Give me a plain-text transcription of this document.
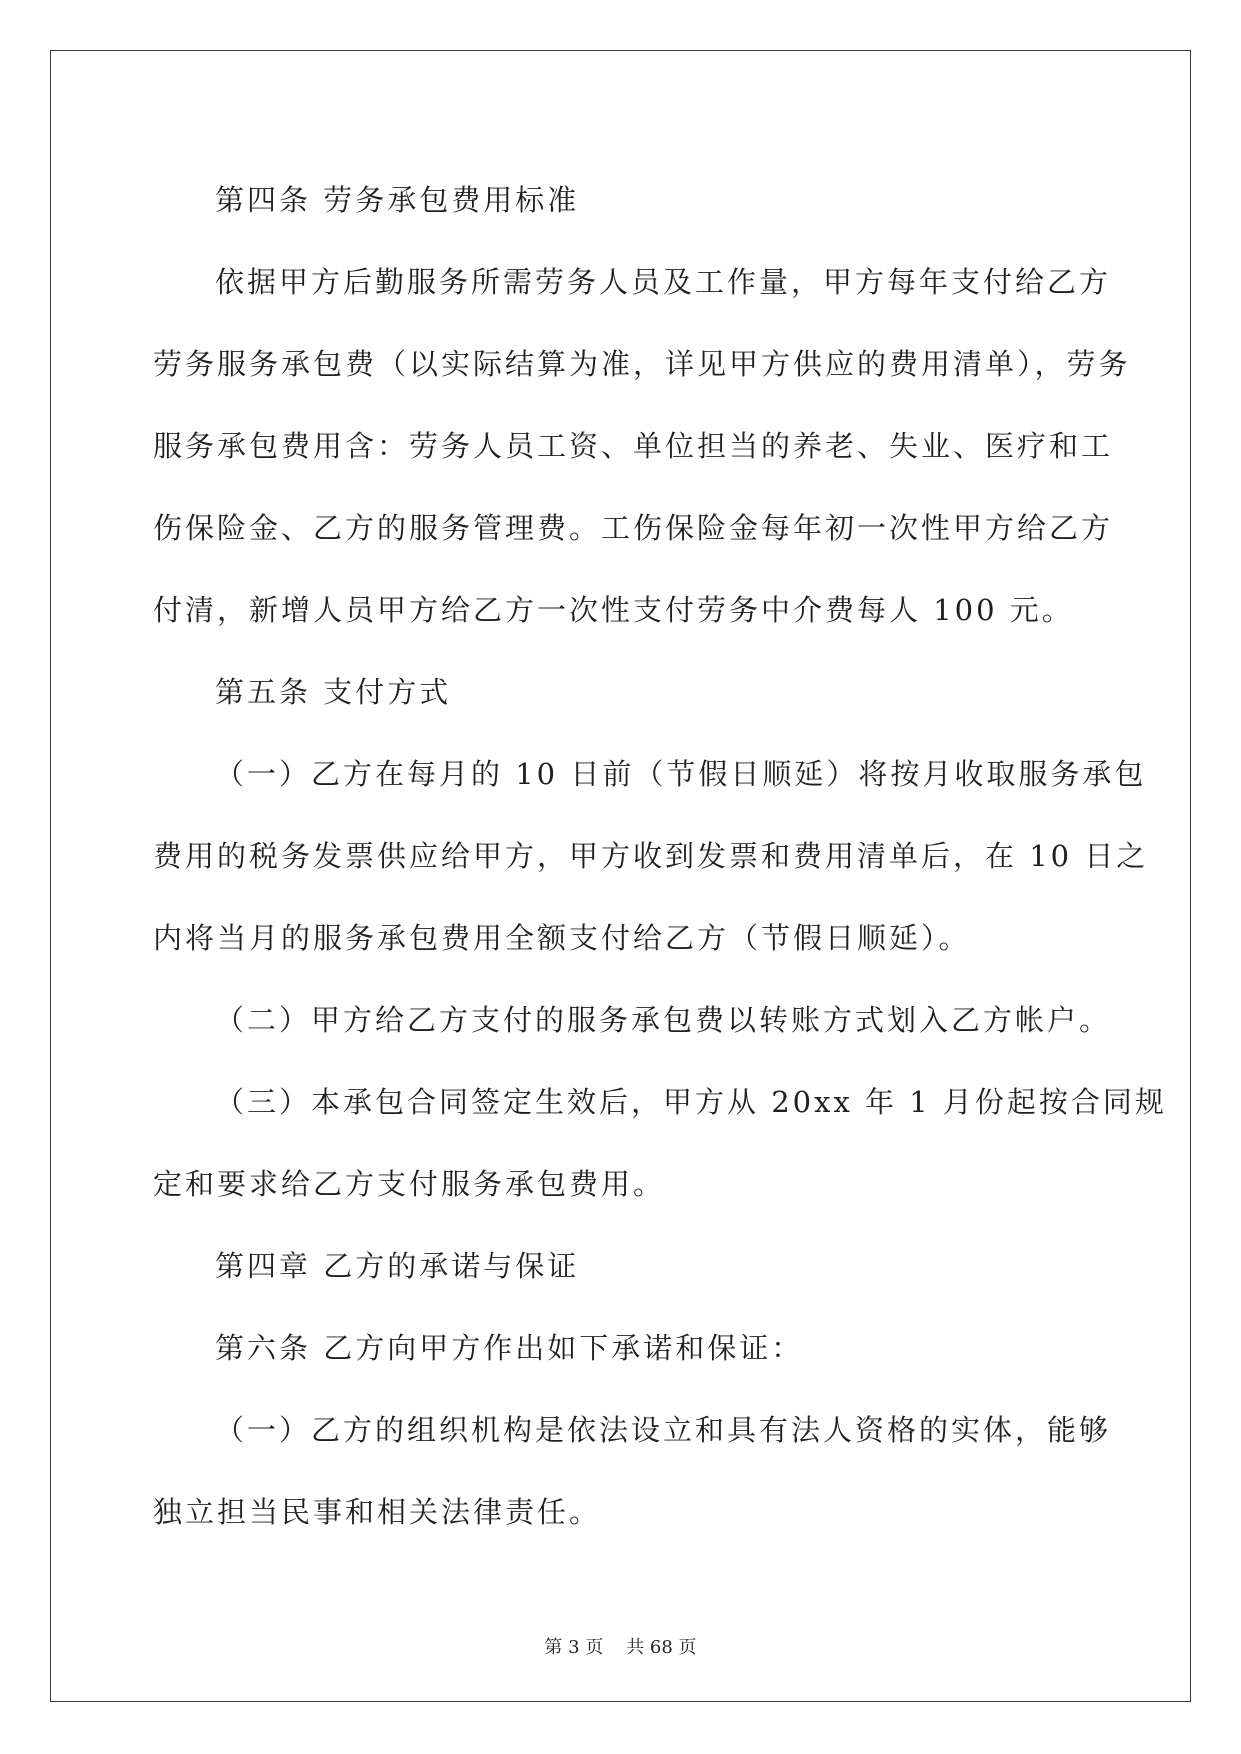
第四条 劳务承包费用标准

依据甲方后勤服务所需劳务人员及工作量，甲方每年支付给乙方

劳务服务承包费（以实际结算为准，详见甲方供应的费用清单），劳务

服务承包费用含：劳务人员工资、单位担当的养老、失业、医疗和工

伤保险金、乙方的服务管理费。工伤保险金每年初一次性甲方给乙方

付清，新增人员甲方给乙方一次性支付劳务中介费每人 100 元。

第五条 支付方式

（一）乙方在每月的 10 日前（节假日顺延）将按月收取服务承包

费用的税务发票供应给甲方，甲方收到发票和费用清单后，在 10 日之

内将当月的服务承包费用全额支付给乙方（节假日顺延）。

（二）甲方给乙方支付的服务承包费以转账方式划入乙方帐户。

（三）本承包合同签定生效后，甲方从 20xx 年 1 月份起按合同规

定和要求给乙方支付服务承包费用。

第四章 乙方的承诺与保证

第六条 乙方向甲方作出如下承诺和保证：

（一）乙方的组织机构是依法设立和具有法人资格的实体，能够

独立担当民事和相关法律责任。

第 3 页    共 68 页
